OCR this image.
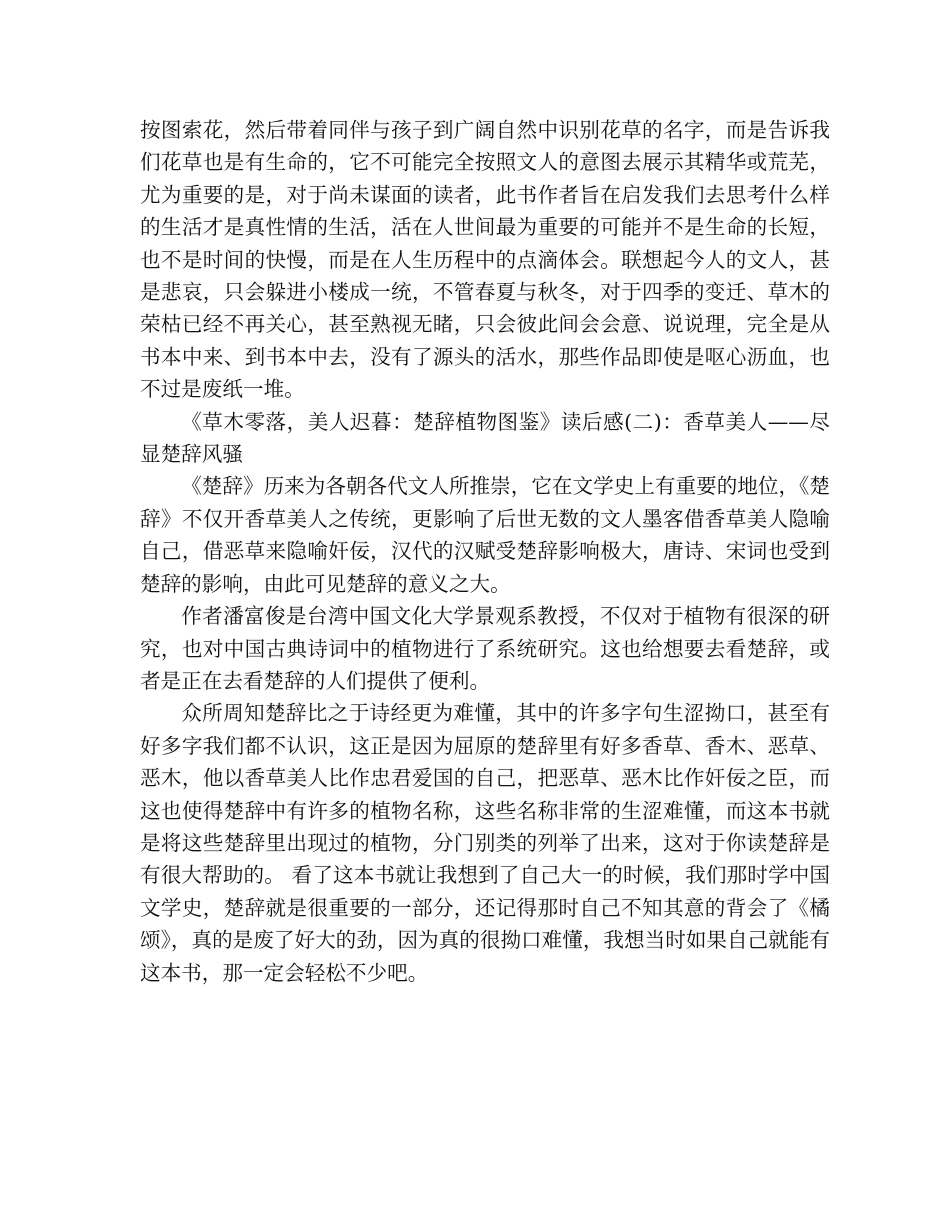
按图索花，然后带着同伴与孩子到广阔自然中识别花草的名字，而是告诉我们花草也是有生命的，它不可能完全按照文人的意图去展示其精华或荒芜，尤为重要的是，对于尚未谋面的读者，此书作者旨在启发我们去思考什么样的生活才是真性情的生活，活在人世间最为重要的可能并不是生命的长短，也不是时间的快慢，而是在人生历程中的点滴体会。联想起今人的文人，甚是悲哀，只会躲进小楼成一统，不管春夏与秋冬，对于四季的变迁、草木的荣枯已经不再关心，甚至熟视无睹，只会彼此间会会意、说说理，完全是从书本中来、到书本中去，没有了源头的活水，那些作品即使是呕心沥血，也不过是废纸一堆。

《草木零落，美人迟暮：楚辞植物图鉴》读后感(二)：香草美人——尽显楚辞风骚

《楚辞》历来为各朝各代文人所推崇，它在文学史上有重要的地位，《楚辞》不仅开香草美人之传统，更影响了后世无数的文人墨客借香草美人隐喻自己，借恶草来隐喻奸佞，汉代的汉赋受楚辞影响极大，唐诗、宋词也受到楚辞的影响，由此可见楚辞的意义之大。

作者潘富俊是台湾中国文化大学景观系教授，不仅对于植物有很深的研究，也对中国古典诗词中的植物进行了系统研究。这也给想要去看楚辞，或者是正在去看楚辞的人们提供了便利。

众所周知楚辞比之于诗经更为难懂，其中的许多字句生涩拗口，甚至有好多字我们都不认识，这正是因为屈原的楚辞里有好多香草、香木、恶草、恶木，他以香草美人比作忠君爱国的自己，把恶草、恶木比作奸佞之臣，而这也使得楚辞中有许多的植物名称，这些名称非常的生涩难懂，而这本书就是将这些楚辞里出现过的植物，分门别类的列举了出来，这对于你读楚辞是有很大帮助的。 看了这本书就让我想到了自己大一的时候，我们那时学中国文学史，楚辞就是很重要的一部分，还记得那时自己不知其意的背会了《橘颂》，真的是废了好大的劲，因为真的很拗口难懂，我想当时如果自己就能有这本书，那一定会轻松不少吧。
